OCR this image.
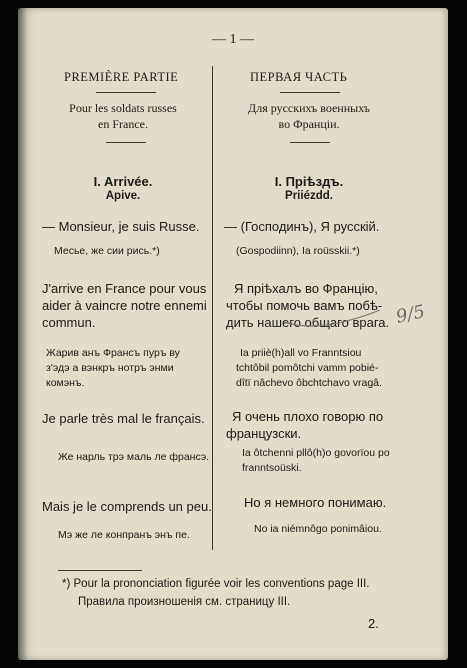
— 1 —
PREMIÈRE PARTIE
Pour les soldats russes
en France.
I. Arrivée.
Арive.
— Monsieur, je suis Russe.
Месье, же сии рись.*)
J'arrive en France pour vous
aider à vaincre notre ennemi
commun.
Жарив анъ Франсъ пуръ ву
з'эдэ а вэнкръ нотръ энми
комэнъ.
Je parle très mal le français.
Же нарль трэ маль ле франсэ.
Mais je le comprends un peu.
Мэ же ле конпранъ энъ пе.
ПЕРВАЯ ЧАСТЬ
Для русскихъ военныхъ
во Франціи.
I. Пріѣздъ.
Priiézdd.
— (Господинъ), Я русскій.
(Gospodiinn), Ia roüsskii.*)
Я пріѣхалъ во Францію,
чтобы помочь вамъ побѣ-
дить нашего общаго врага.
Ia priiè(h)all vo Franntsiou
tchtôbil pomôtchi vamm pobié-
dîtï nâchevo ôbchtchavo vragâ.
Я очень плохо говорю по
французски.
Ia ôtchenni pllô(h)o govorïou po
franntsoüski.
Но я немного понимаю.
No ia niémnôgo ponimâiou.
9/5
*) Pour la prononciation figurée voir les conventions page III.
Правила произношенія см. страницу III.
2.
